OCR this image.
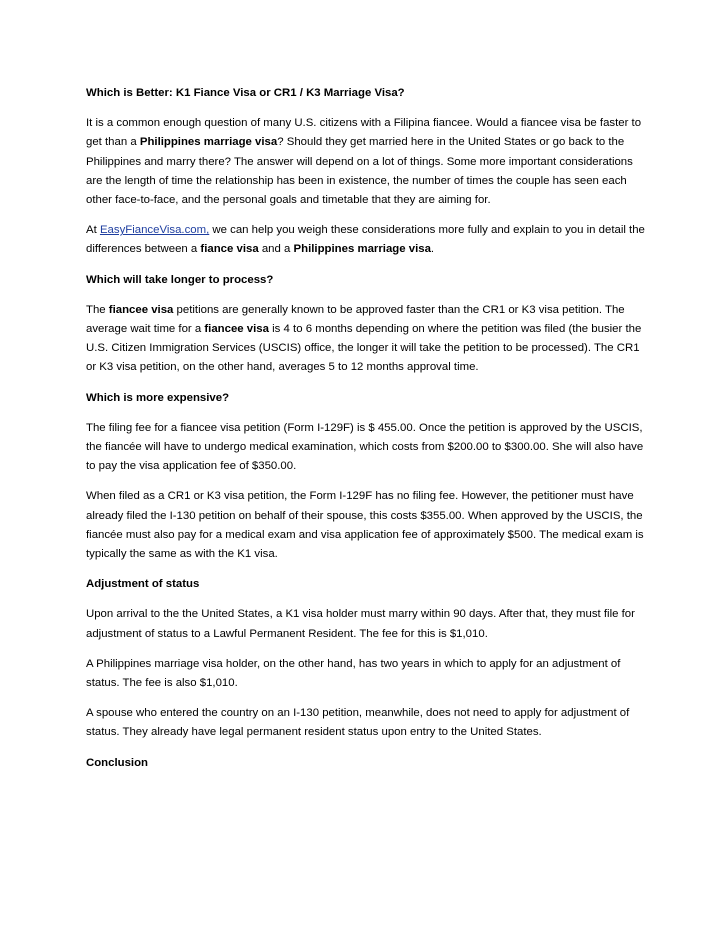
Which is Better: K1 Fiance Visa or CR1 / K3 Marriage Visa?
It is a common enough question of many U.S. citizens with a Filipina fiancee. Would a fiancee visa be faster to get than a Philippines marriage visa? Should they get married here in the United States or go back to the Philippines and marry there? The answer will depend on a lot of things. Some more important considerations are the length of time the relationship has been in existence, the number of times the couple has seen each other face-to-face, and the personal goals and timetable that they are aiming for.
At EasyFianceVisa.com, we can help you weigh these considerations more fully and explain to you in detail the differences between a fiance visa and a Philippines marriage visa.
Which will take longer to process?
The fiancee visa petitions are generally known to be approved faster than the CR1 or K3 visa petition. The average wait time for a fiancee visa is 4 to 6 months depending on where the petition was filed (the busier the U.S. Citizen Immigration Services (USCIS) office, the longer it will take the petition to be processed). The CR1 or K3 visa petition, on the other hand, averages 5 to 12 months approval time.
Which is more expensive?
The filing fee for a fiancee visa petition (Form I-129F) is $ 455.00. Once the petition is approved by the USCIS, the fiancée will have to undergo medical examination, which costs from $200.00 to $300.00. She will also have to pay the visa application fee of $350.00.
When filed as a CR1 or K3 visa petition, the Form I-129F has no filing fee. However, the petitioner must have already filed the I-130 petition on behalf of their spouse, this costs $355.00. When approved by the USCIS, the fiancée must also pay for a medical exam and visa application fee of approximately $500. The medical exam is typically the same as with the K1 visa.
Adjustment of status
Upon arrival to the the United States, a K1 visa holder must marry within 90 days. After that, they must file for adjustment of status to a Lawful Permanent Resident. The fee for this is $1,010.
A Philippines marriage visa holder, on the other hand, has two years in which to apply for an adjustment of status. The fee is also $1,010.
A spouse who entered the country on an I-130 petition, meanwhile, does not need to apply for adjustment of status. They already have legal permanent resident status upon entry to the United States.
Conclusion
